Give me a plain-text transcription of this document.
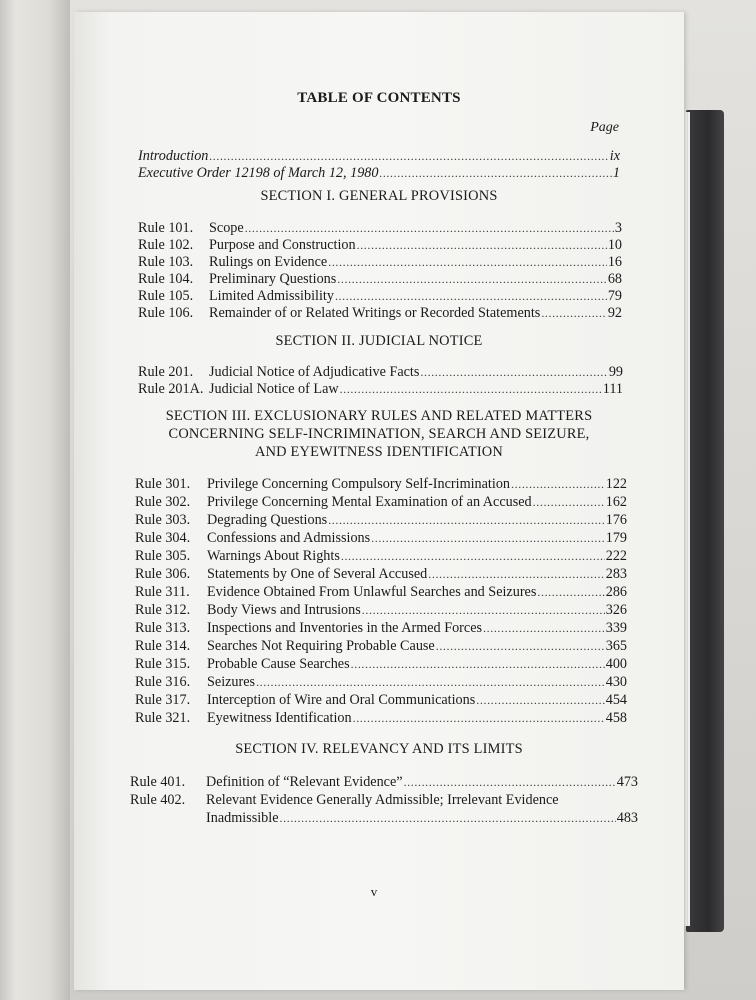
TABLE OF CONTENTS
Page
Introduction .....	ix
Executive Order 12198 of March 12, 1980 .....	1
SECTION I. GENERAL PROVISIONS
Rule 101.	Scope .....	3
Rule 102.	Purpose and Construction .....	10
Rule 103.	Rulings on Evidence .....	16
Rule 104.	Preliminary Questions .....	68
Rule 105.	Limited Admissibility .....	79
Rule 106.	Remainder of or Related Writings or Recorded Statements .....	92
SECTION II. JUDICIAL NOTICE
Rule 201.	Judicial Notice of Adjudicative Facts .....	99
Rule 201A. Judicial Notice of Law .....	111
SECTION III. EXCLUSIONARY RULES AND RELATED MATTERS
CONCERNING SELF-INCRIMINATION, SEARCH AND SEIZURE,
AND EYEWITNESS IDENTIFICATION
Rule 301.	Privilege Concerning Compulsory Self-Incrimination .....	122
Rule 302.	Privilege Concerning Mental Examination of an Accused .....	162
Rule 303.	Degrading Questions .....	176
Rule 304.	Confessions and Admissions .....	179
Rule 305.	Warnings About Rights .....	222
Rule 306.	Statements by One of Several Accused .....	283
Rule 311.	Evidence Obtained From Unlawful Searches and Seizures .....	286
Rule 312.	Body Views and Intrusions .....	326
Rule 313.	Inspections and Inventories in the Armed Forces .....	339
Rule 314.	Searches Not Requiring Probable Cause .....	365
Rule 315.	Probable Cause Searches .....	400
Rule 316.	Seizures .....	430
Rule 317.	Interception of Wire and Oral Communications .....	454
Rule 321.	Eyewitness Identification .....	458
SECTION IV. RELEVANCY AND ITS LIMITS
Rule 401.	Definition of “Relevant Evidence” .....	473
Rule 402. Relevant Evidence Generally Admissible; Irrelevant Evidence
Inadmissible .....	483
v
